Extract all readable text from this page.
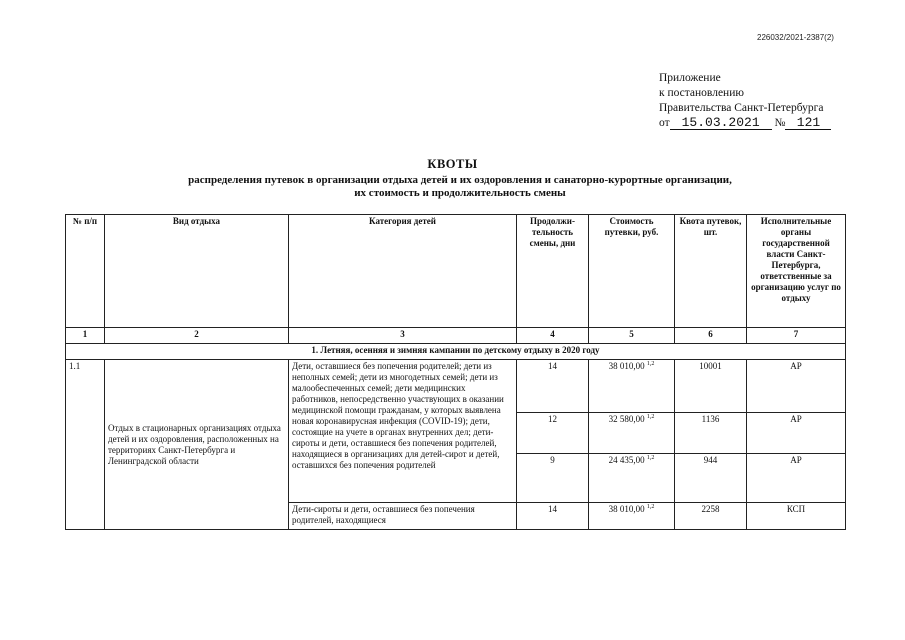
226032/2021-2387(2)
Приложение
к постановлению
Правительства Санкт-Петербурга
от 15.03.2021 № 121
КВОТЫ
распределения путевок в организации отдыха детей и их оздоровления и санаторно-курортные организации,
их стоимость и продолжительность смены
№ п/п	Вид отдыха	Категория детей	Продолжи-тельность смены, дни	Стоимость путевки, руб.	Квота путевок, шт.	Исполнительные органы государственной власти Санкт-Петербурга, ответственные за организацию услуг по отдыху
1	2	3	4	5	6	7
1. Летняя, осенняя и зимняя кампании по детскому отдыху в 2020 году						
1.1	Отдых в стационарных организациях отдыха детей и их оздоровления, расположенных на территориях Санкт-Петербурга и Ленинградской области	Дети, оставшиеся без попечения родителей; дети из неполных семей; дети из многодетных семей; дети из малообеспеченных семей; дети медицинских работников, непосредственно участвующих в оказании медицинской помощи гражданам, у которых выявлена новая коронавирусная инфекция (COVID-19); дети, состоящие на учете в органах внутренних дел; дети-сироты и дети, оставшиеся без попечения родителей, находящиеся в организациях для детей-сирот и детей, оставшихся без попечения родителей	14	38 010,00 $^{1,2}$	10001	АР
			12	32 580,00 $^{1,2}$	1136	АР
			9	24 435,00 $^{1,2}$	944	АР
		Дети-сироты и дети, оставшиеся без попечения родителей, находящиеся	14	38 010,00 $^{1,2}$	2258	КСП
